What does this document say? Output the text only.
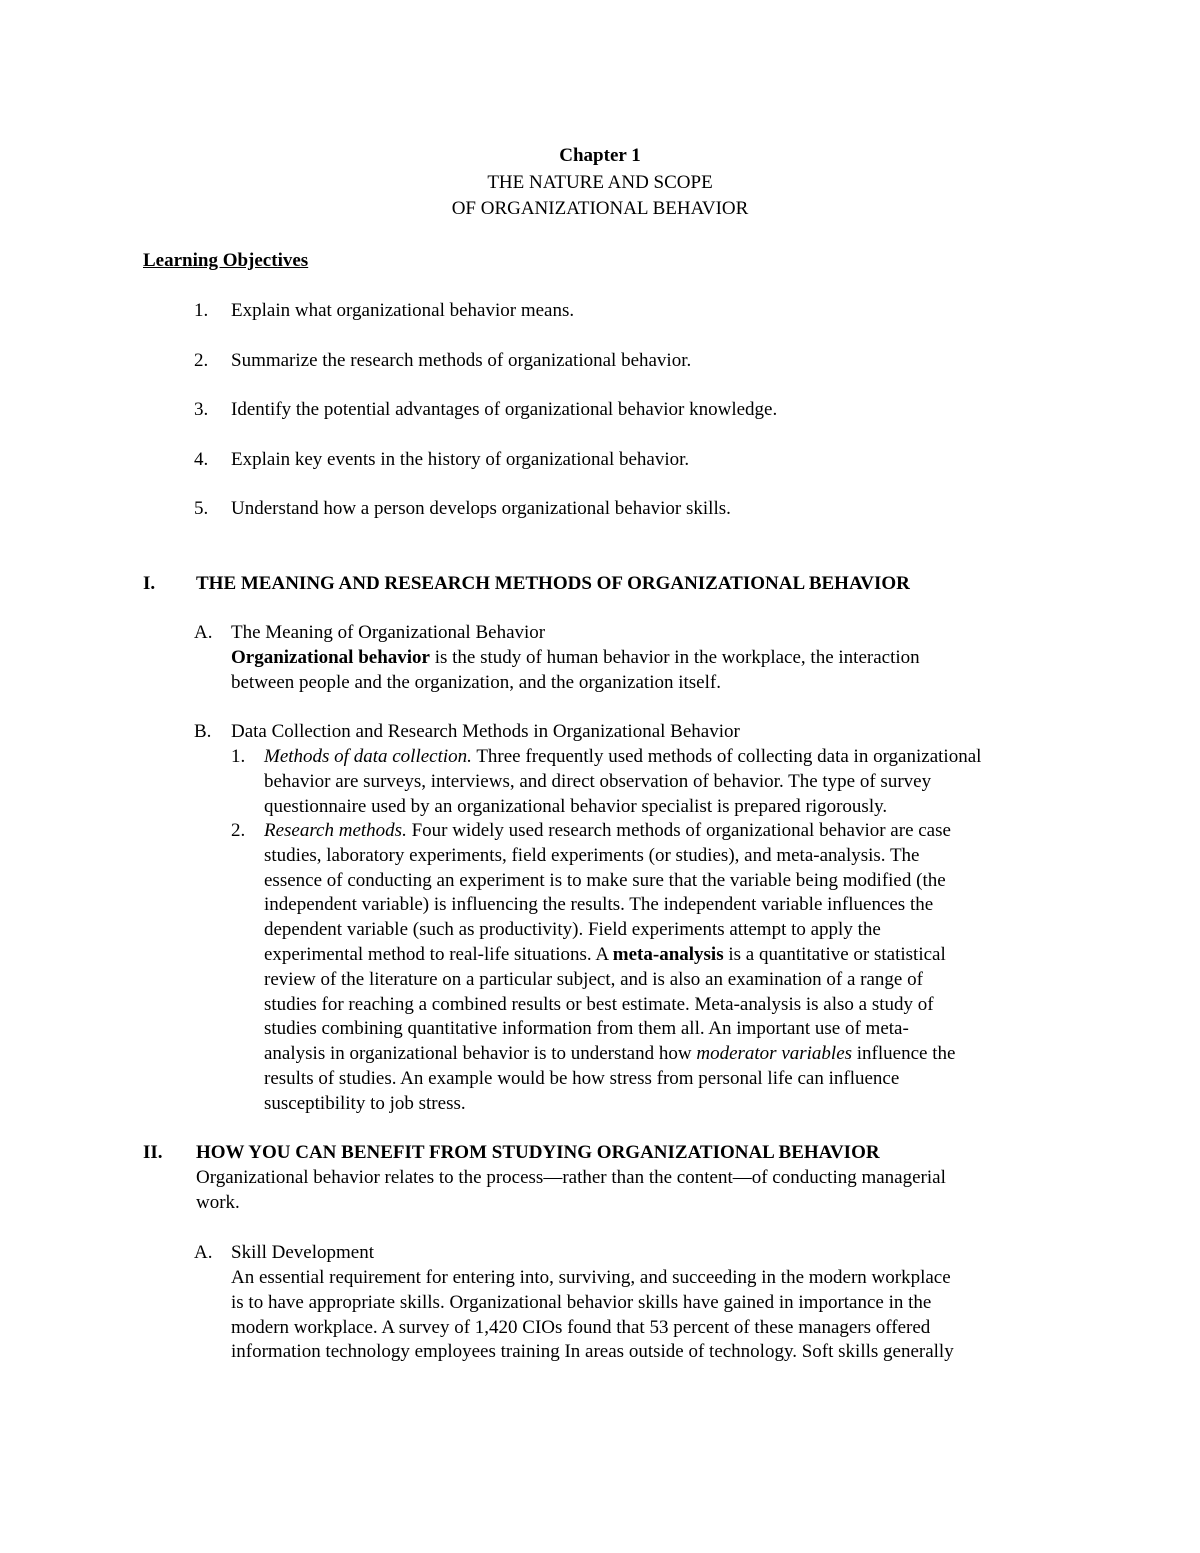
Chapter 1
THE NATURE AND SCOPE
OF ORGANIZATIONAL BEHAVIOR
Learning Objectives
1. Explain what organizational behavior means.
2. Summarize the research methods of organizational behavior.
3. Identify the potential advantages of organizational behavior knowledge.
4. Explain key events in the history of organizational behavior.
5. Understand how a person develops organizational behavior skills.
I. THE MEANING AND RESEARCH METHODS OF ORGANIZATIONAL BEHAVIOR
A. The Meaning of Organizational Behavior
Organizational behavior is the study of human behavior in the workplace, the interaction
between people and the organization, and the organization itself.
B. Data Collection and Research Methods in Organizational Behavior
1. Methods of data collection. Three frequently used methods of collecting data in organizational
behavior are surveys, interviews, and direct observation of behavior. The type of survey
questionnaire used by an organizational behavior specialist is prepared rigorously.
2. Research methods. Four widely used research methods of organizational behavior are case
studies, laboratory experiments, field experiments (or studies), and meta-analysis. The
essence of conducting an experiment is to make sure that the variable being modified (the
independent variable) is influencing the results. The independent variable influences the
dependent variable (such as productivity). Field experiments attempt to apply the
experimental method to real-life situations. A meta-analysis is a quantitative or statistical
review of the literature on a particular subject, and is also an examination of a range of
studies for reaching a combined results or best estimate. Meta-analysis is also a study of
studies combining quantitative information from them all. An important use of meta-
analysis in organizational behavior is to understand how moderator variables influence the
results of studies. An example would be how stress from personal life can influence
susceptibility to job stress.
II. HOW YOU CAN BENEFIT FROM STUDYING ORGANIZATIONAL BEHAVIOR
Organizational behavior relates to the process—rather than the content—of conducting managerial
work.
A. Skill Development
An essential requirement for entering into, surviving, and succeeding in the modern workplace
is to have appropriate skills. Organizational behavior skills have gained in importance in the
modern workplace. A survey of 1,420 CIOs found that 53 percent of these managers offered
information technology employees training In areas outside of technology. Soft skills generally
